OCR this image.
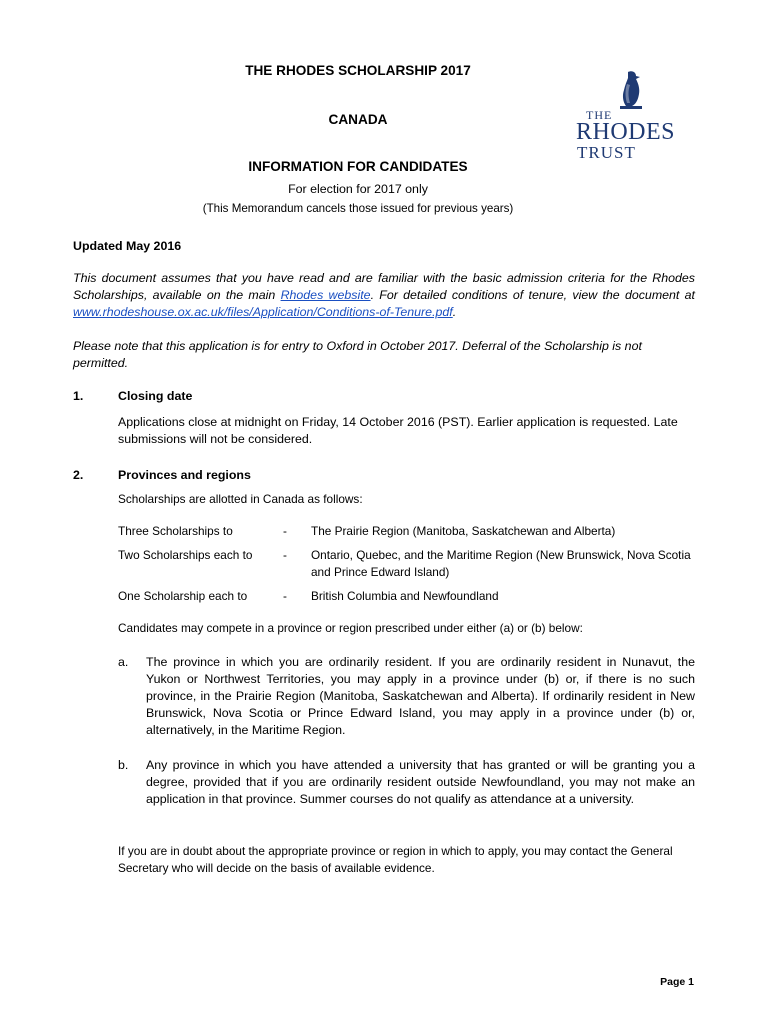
THE RHODES SCHOLARSHIP 2017
CANADA
INFORMATION FOR CANDIDATES
For election for 2017 only
(This Memorandum cancels those issued for previous years)
THE
RHODES
TRUST
Updated May 2016
This document assumes that you have read and are familiar with the basic admission criteria for the Rhodes Scholarships, available on the main Rhodes website. For detailed conditions of tenure, view the document at www.rhodeshouse.ox.ac.uk/files/Application/Conditions-of-Tenure.pdf.
Please note that this application is for entry to Oxford in October 2017. Deferral of the Scholarship is not permitted.
1.	Closing date
Applications close at midnight on Friday, 14 October 2016 (PST). Earlier application is requested. Late submissions will not be considered.
2.	Provinces and regions
Scholarships are allotted in Canada as follows:
Three Scholarships to	- The Prairie Region (Manitoba, Saskatchewan and Alberta)
Two Scholarships each to	- Ontario, Quebec, and the Maritime Region (New Brunswick, Nova Scotia and Prince Edward Island)
One Scholarship each to	- British Columbia and Newfoundland
Candidates may compete in a province or region prescribed under either (a) or (b) below:
a. The province in which you are ordinarily resident. If you are ordinarily resident in Nunavut, the Yukon or Northwest Territories, you may apply in a province under (b) or, if there is no such province, in the Prairie Region (Manitoba, Saskatchewan and Alberta). If ordinarily resident in New Brunswick, Nova Scotia or Prince Edward Island, you may apply in a province under (b) or, alternatively, in the Maritime Region.
b. Any province in which you have attended a university that has granted or will be granting you a degree, provided that if you are ordinarily resident outside Newfoundland, you may not make an application in that province. Summer courses do not qualify as attendance at a university.
If you are in doubt about the appropriate province or region in which to apply, you may contact the General Secretary who will decide on the basis of available evidence.
Page 1
